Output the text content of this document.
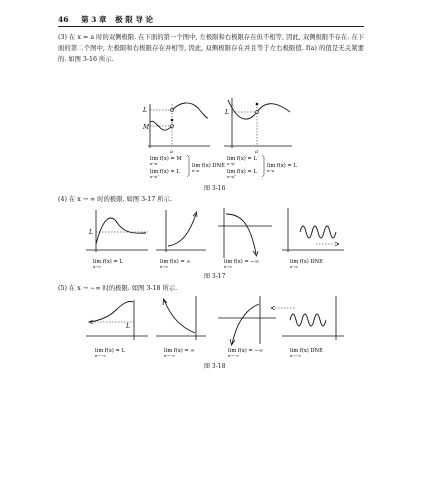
46 第 3 章 极 限 导 论
(3) 在 x = a 时的双侧极限. 在下面的第一个图中, 左极限和右极限存在但不相等, 因此, 双侧极限不存在. 在下面的第二个图中, 左极限和右极限存在并相等, 因此, 双侧极限存在并且等于左右极限值. f(a) 的值是无关紧要的. 如图 3-16 所示.
L
M
a
L
a
lim f(x) = M
x→a⁻
lim f(x) = L
x→a⁺
lim f(x) DNE
x→a
lim f(x) = L
x→a⁻
lim f(x) = L
x→a⁺
lim f(x) = L
x→a
图 3-16
(4) 在 x → ∞ 时的极限. 如图 3-17 所示.
L
lim f(x) = L
x→∞
lim f(x) = ∞
x→∞
lim f(x) = −∞
x→∞
lim f(x) DNE
x→∞
图 3-17
(5) 在 x → −∞ 时的极限. 如图 3-18 所示.
L
lim f(x) = L
x→−∞
lim f(x) = ∞
x→−∞
lim f(x) = −∞
x→−∞
lim f(x) DNE
x→−∞
图 3-18
